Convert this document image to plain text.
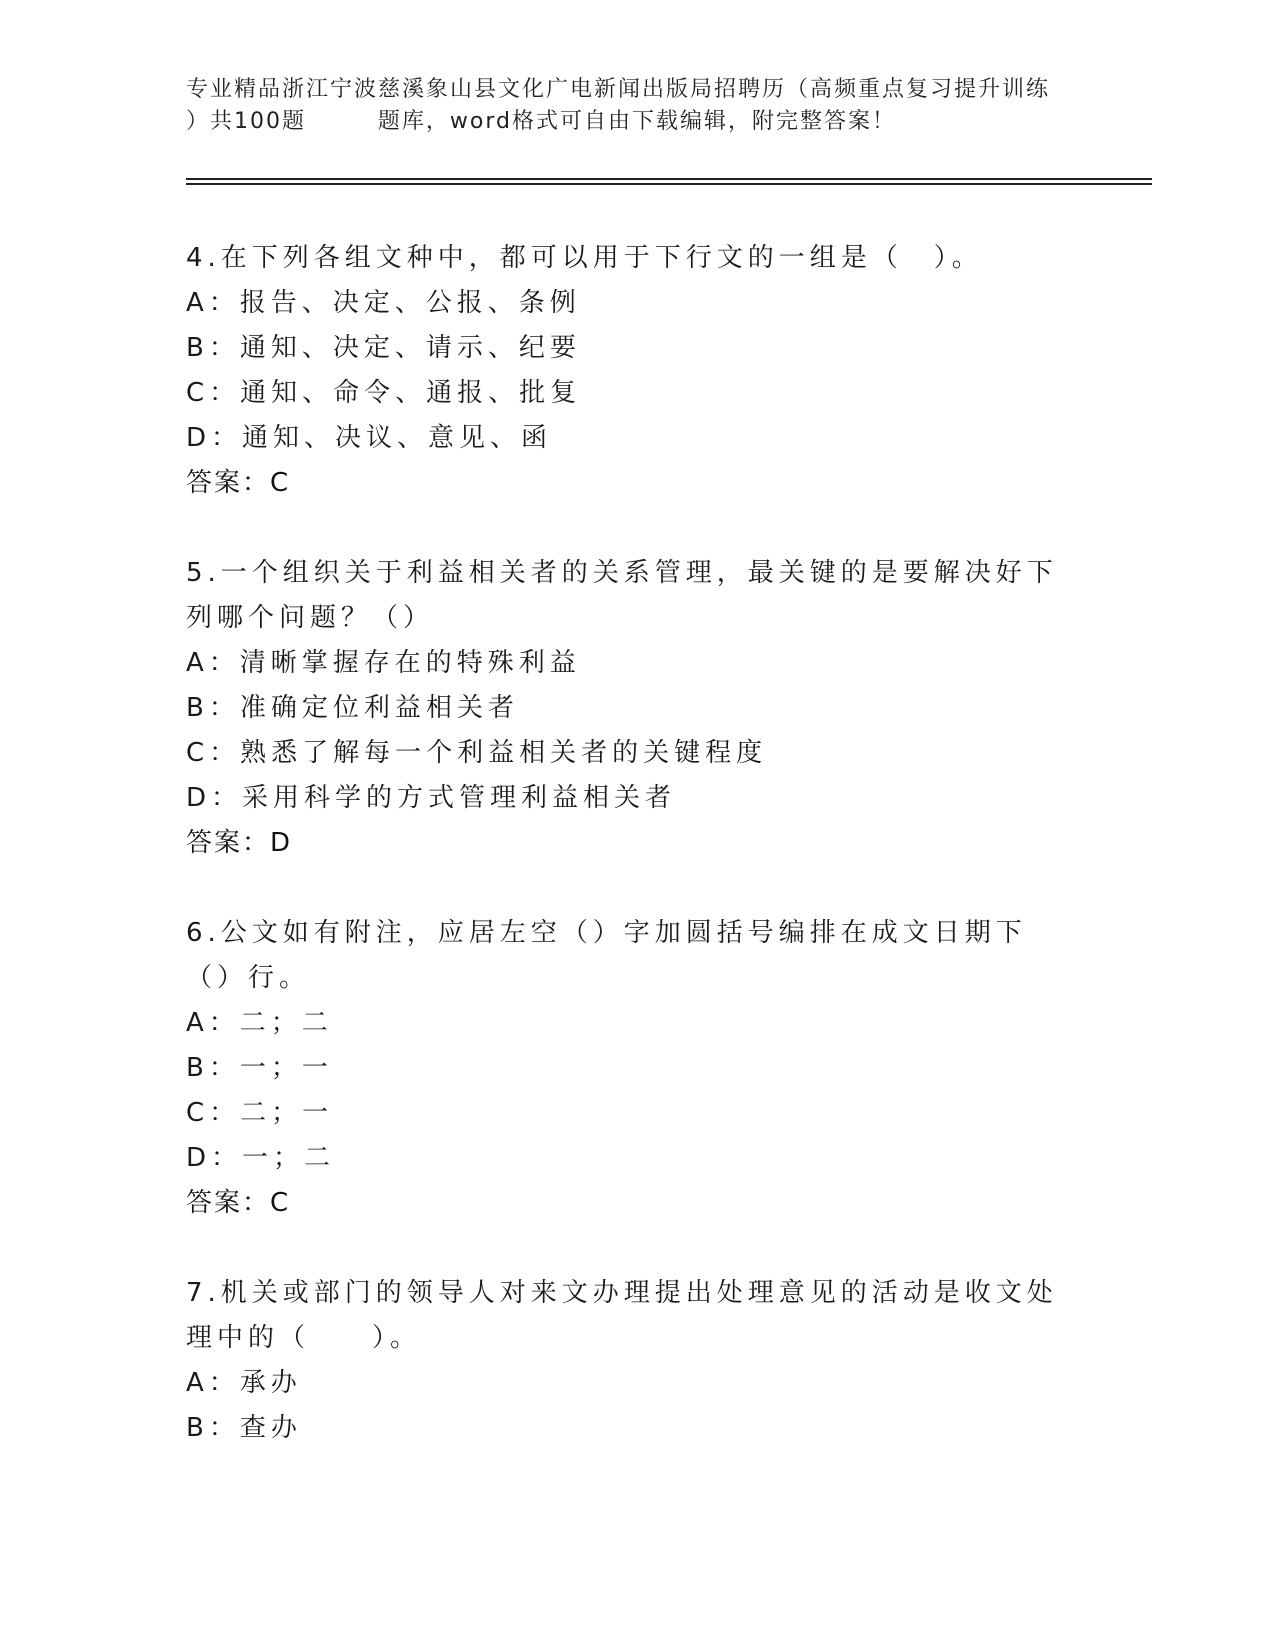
专业精品浙江宁波慈溪象山县文化广电新闻出版局招聘历（高频重点复习提升训练
）共100题        题库，word格式可自由下载编辑，附完整答案！

4.在下列各组文种中，都可以用于下行文的一组是（　）。

A：报告、决定、公报、条例

B：通知、决定、请示、纪要

C：通知、命令、通报、批复

D：通知、决议、意见、函

答案：C

5.一个组织关于利益相关者的关系管理，最关键的是要解决好下列哪个问题？（）

A：清晰掌握存在的特殊利益

B：准确定位利益相关者

C：熟悉了解每一个利益相关者的关键程度

D：采用科学的方式管理利益相关者

答案：D

6.公文如有附注，应居左空（）字加圆括号编排在成文日期下（）行。

A：二；二

B：一；一

C：二；一

D：一；二

答案：C

7.机关或部门的领导人对来文办理提出处理意见的活动是收文处理中的（　　）。

A：承办

B：查办
